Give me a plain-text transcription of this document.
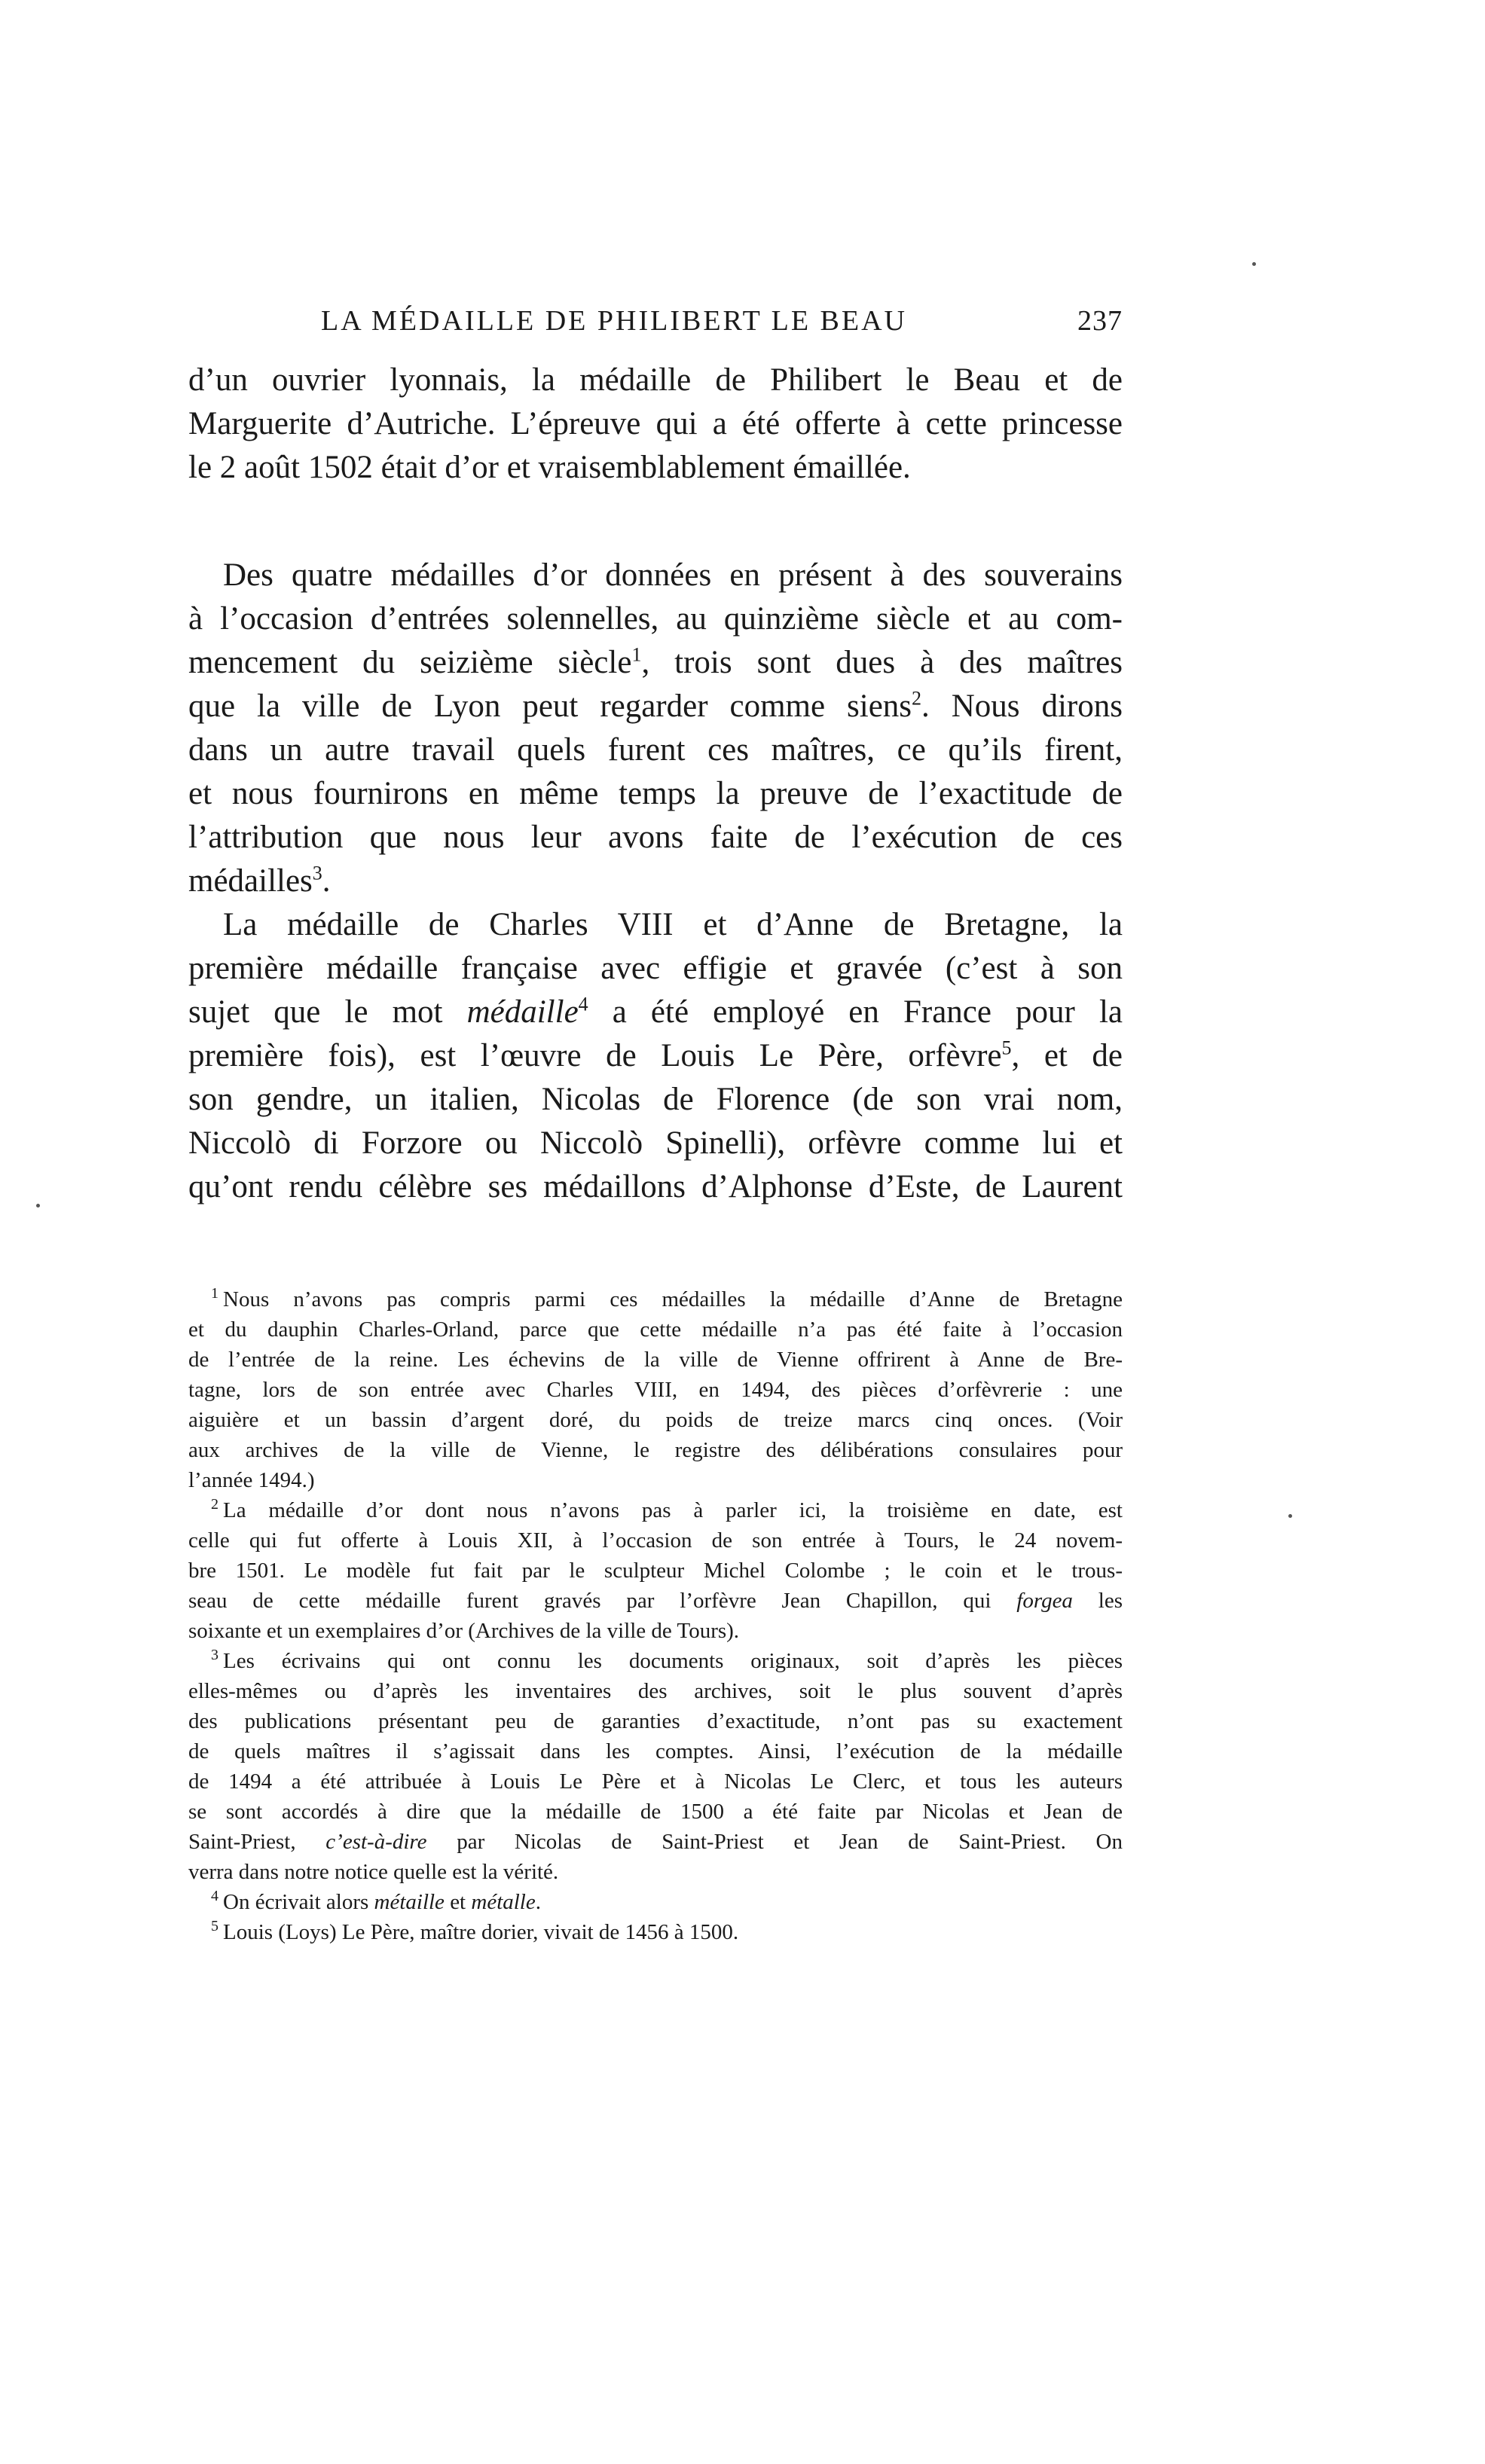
LA MÉDAILLE DE PHILIBERT LE BEAU	237
d’un ouvrier lyonnais, la médaille de Philibert le Beau et de
Marguerite d’Autriche. L’épreuve qui a été offerte à cette princesse
le 2 août 1502 était d’or et vraisemblablement émaillée.
Des quatre médailles d’or données en présent à des souverains
à l’occasion d’entrées solennelles, au quinzième siècle et au com-
mencement du seizième siècle$^1$, trois sont dues à des maîtres
que la ville de Lyon peut regarder comme siens$^2$. Nous dirons
dans un autre travail quels furent ces maîtres, ce qu’ils firent,
et nous fournirons en même temps la preuve de l’exactitude de
l’attribution que nous leur avons faite de l’exécution de ces
médailles$^3$.
La médaille de Charles VIII et d’Anne de Bretagne, la
première médaille française avec effigie et gravée (c’est à son
sujet que le mot médaille$^4$ a été employé en France pour la
première fois), est l’œuvre de Louis Le Père, orfèvre$^5$, et de
son gendre, un italien, Nicolas de Florence (de son vrai nom,
Niccolò di Forzore ou Niccolò Spinelli), orfèvre comme lui et
qu’ont rendu célèbre ses médaillons d’Alphonse d’Este, de Laurent
$^1$ Nous n’avons pas compris parmi ces médailles la médaille d’Anne de Bretagne
et du dauphin Charles-Orland, parce que cette médaille n’a pas été faite à l’occasion
de l’entrée de la reine. Les échevins de la ville de Vienne offrirent à Anne de Bre-
tagne, lors de son entrée avec Charles VIII, en 1494, des pièces d’orfèvrerie : une
aiguière et un bassin d’argent doré, du poids de treize marcs cinq onces. (Voir
aux archives de la ville de Vienne, le registre des délibérations consulaires pour
l’année 1494.)
$^2$ La médaille d’or dont nous n’avons pas à parler ici, la troisième en date, est
celle qui fut offerte à Louis XII, à l’occasion de son entrée à Tours, le 24 novem-
bre 1501. Le modèle fut fait par le sculpteur Michel Colombe ; le coin et le trous-
seau de cette médaille furent gravés par l’orfèvre Jean Chapillon, qui forgea les
soixante et un exemplaires d’or (Archives de la ville de Tours).
$^3$ Les écrivains qui ont connu les documents originaux, soit d’après les pièces
elles-mêmes ou d’après les inventaires des archives, soit le plus souvent d’après
des publications présentant peu de garanties d’exactitude, n’ont pas su exactement
de quels maîtres il s’agissait dans les comptes. Ainsi, l’exécution de la médaille
de 1494 a été attribuée à Louis Le Père et à Nicolas Le Clerc, et tous les auteurs
se sont accordés à dire que la médaille de 1500 a été faite par Nicolas et Jean de
Saint-Priest, c’est-à-dire par Nicolas de Saint-Priest et Jean de Saint-Priest. On
verra dans notre notice quelle est la vérité.
$^4$ On écrivait alors métaille et métalle.
$^5$ Louis (Loys) Le Père, maître dorier, vivait de 1456 à 1500.
